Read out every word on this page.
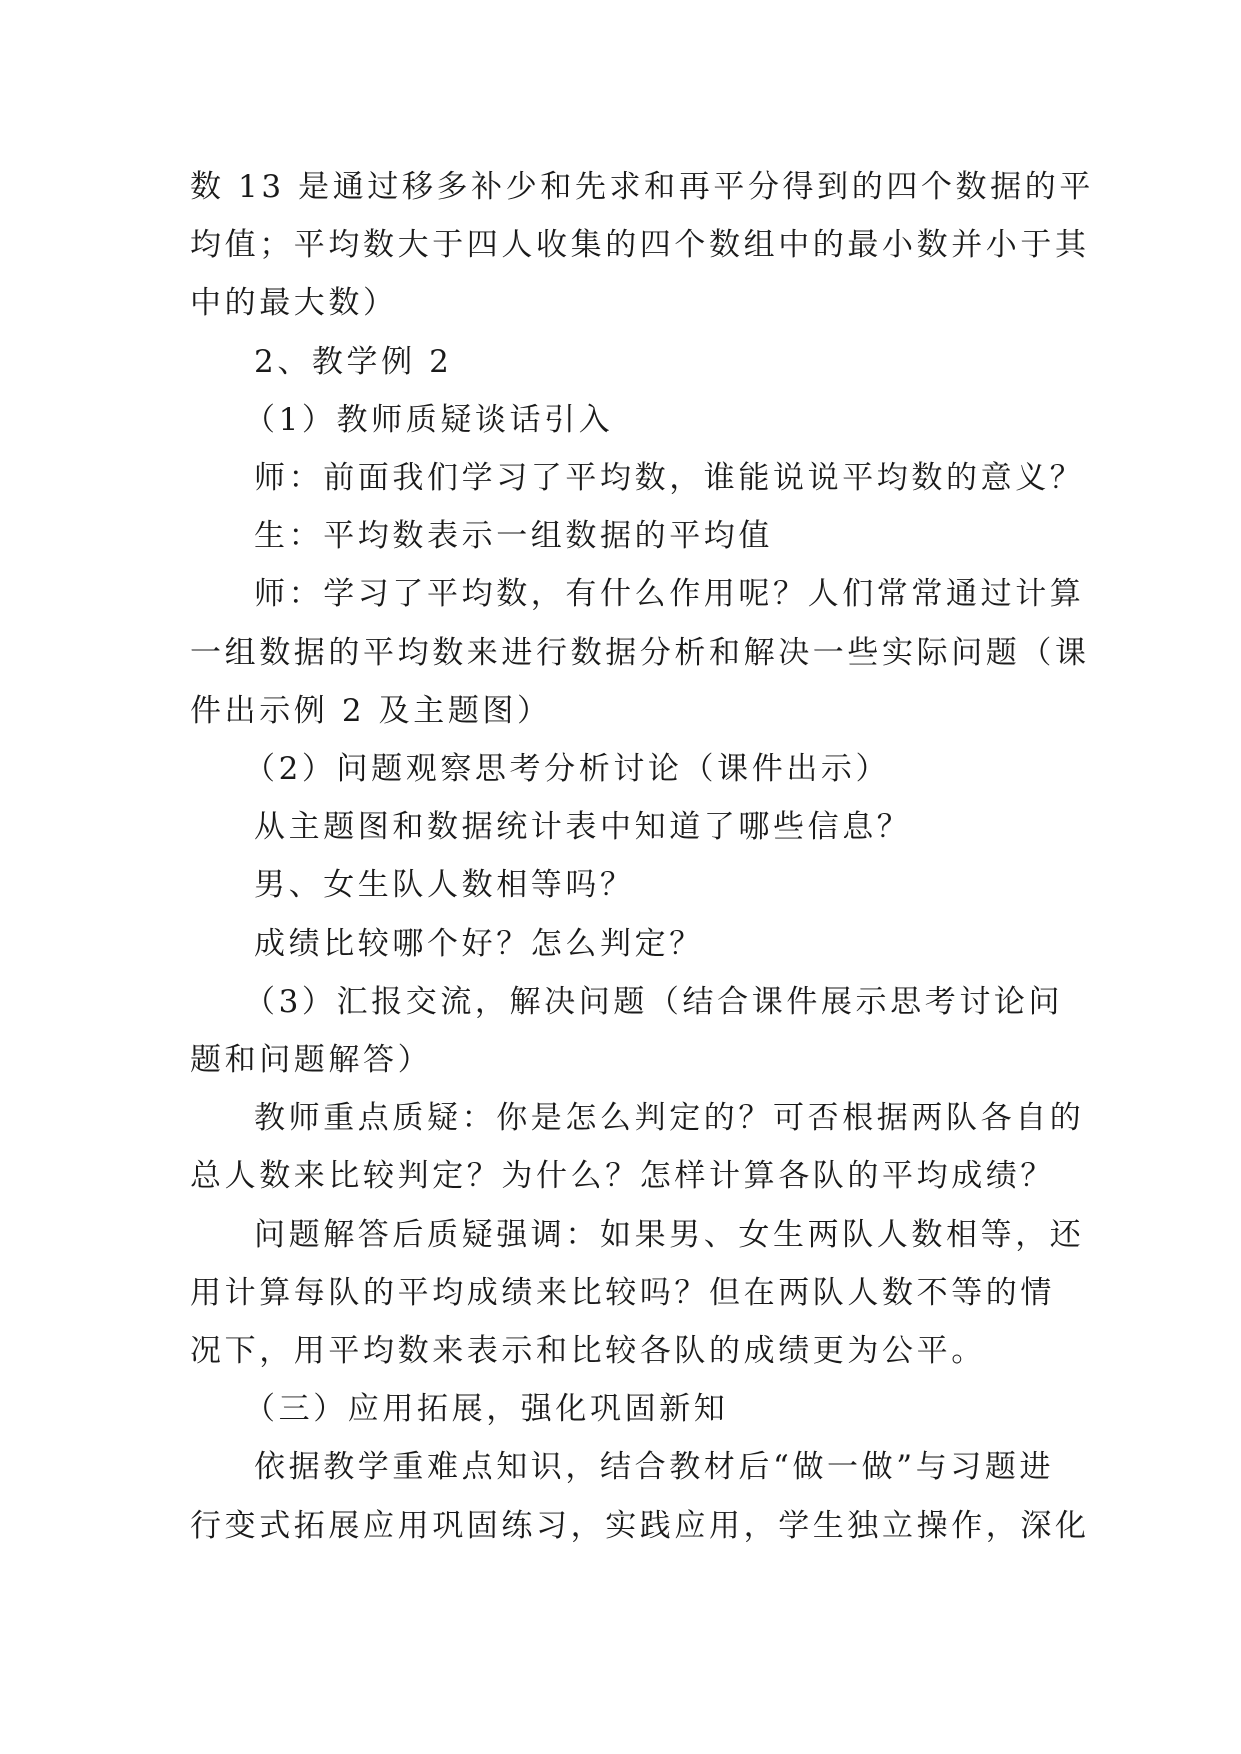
数 13 是通过移多补少和先求和再平分得到的四个数据的平

均值；平均数大于四人收集的四个数组中的最小数并小于其

中的最大数）

2、教学例 2

（1）教师质疑谈话引入

师：前面我们学习了平均数，谁能说说平均数的意义？

生：平均数表示一组数据的平均值

师：学习了平均数，有什么作用呢？人们常常通过计算

一组数据的平均数来进行数据分析和解决一些实际问题（课

件出示例 2 及主题图）

（2）问题观察思考分析讨论（课件出示）

从主题图和数据统计表中知道了哪些信息？

男、女生队人数相等吗？

成绩比较哪个好？怎么判定？

（3）汇报交流，解决问题（结合课件展示思考讨论问

题和问题解答）

教师重点质疑：你是怎么判定的？可否根据两队各自的

总人数来比较判定？为什么？怎样计算各队的平均成绩？

问题解答后质疑强调：如果男、女生两队人数相等，还

用计算每队的平均成绩来比较吗？但在两队人数不等的情

况下，用平均数来表示和比较各队的成绩更为公平。

（三）应用拓展，强化巩固新知

依据教学重难点知识，结合教材后“做一做”与习题进

行变式拓展应用巩固练习，实践应用，学生独立操作，深化
